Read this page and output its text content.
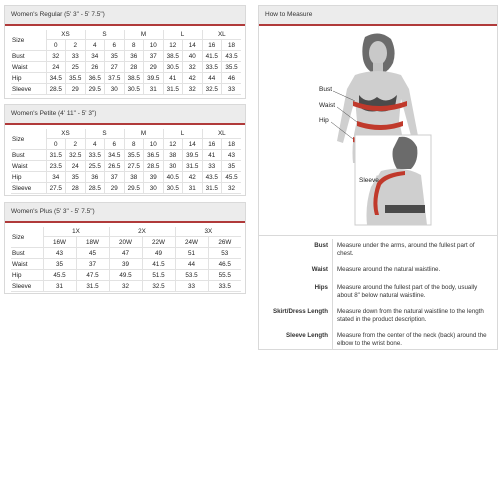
Women's Regular (5' 3" - 5' 7.5")
Size	XS		S		M		L		XL	
	0	2	4	6	8	10	12	14	16	18
Bust	32	33	34	35	36	37	38.5	40	41.5	43.5
Waist	24	25	26	27	28	29	30.5	32	33.5	35.5
Hip	34.5	35.5	36.5	37.5	38.5	39.5	41	42	44	46
Sleeve	28.5	29	29.5	30	30.5	31	31.5	32	32.5	33
Women's Petite (4' 11" - 5' 3")
Size	XS		S		M		L		XL	
	0	2	4	6	8	10	12	14	16	18
Bust	31.5	32.5	33.5	34.5	35.5	36.5	38	39.5	41	43
Waist	23.5	24	25.5	26.5	27.5	28.5	30	31.5	33	35
Hip	34	35	36	37	38	39	40.5	42	43.5	45.5
Sleeve	27.5	28	28.5	29	29.5	30	30.5	31	31.5	32
Women's Plus (5' 3" - 5' 7.5")
Size	1X		2X		3X	
	16W	18W	20W	22W	24W	26W
Bust	43	45	47	49	51	53
Waist	35	37	39	41.5	44	46.5
Hip	45.5	47.5	49.5	51.5	53.5	55.5
Sleeve	31	31.5	32	32.5	33	33.5
How to Measure
Bust
Waist
Hip
Sleeve
Bust Measure under the arms, around the fullest part of chest.
Waist Measure around the natural waistline.
Hips Measure around the fullest part of the body, usually about 8" below natural waistline.
Skirt/Dress Length Measure down from the natural waistline to the length stated in the product description.
Sleeve Length Measure from the center of the neck (back) around the elbow to the wrist bone.
